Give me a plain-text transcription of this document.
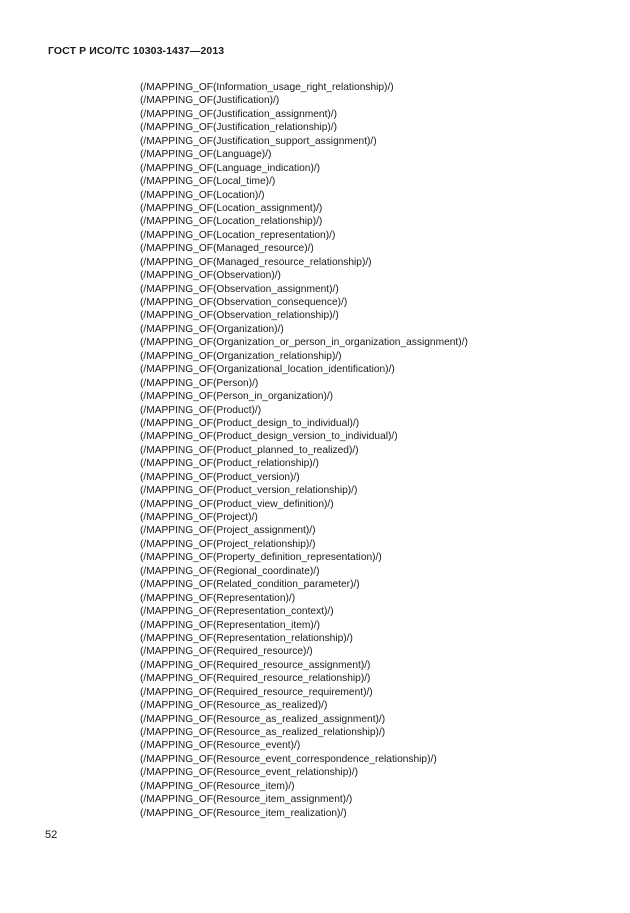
ГОСТ Р ИСО/ТС 10303-1437—2013
(/MAPPING_OF(Information_usage_right_relationship)/)
(/MAPPING_OF(Justification)/)
(/MAPPING_OF(Justification_assignment)/)
(/MAPPING_OF(Justification_relationship)/)
(/MAPPING_OF(Justification_support_assignment)/)
(/MAPPING_OF(Language)/)
(/MAPPING_OF(Language_indication)/)
(/MAPPING_OF(Local_time)/)
(/MAPPING_OF(Location)/)
(/MAPPING_OF(Location_assignment)/)
(/MAPPING_OF(Location_relationship)/)
(/MAPPING_OF(Location_representation)/)
(/MAPPING_OF(Managed_resource)/)
(/MAPPING_OF(Managed_resource_relationship)/)
(/MAPPING_OF(Observation)/)
(/MAPPING_OF(Observation_assignment)/)
(/MAPPING_OF(Observation_consequence)/)
(/MAPPING_OF(Observation_relationship)/)
(/MAPPING_OF(Organization)/)
(/MAPPING_OF(Organization_or_person_in_organization_assignment)/)
(/MAPPING_OF(Organization_relationship)/)
(/MAPPING_OF(Organizational_location_identification)/)
(/MAPPING_OF(Person)/)
(/MAPPING_OF(Person_in_organization)/)
(/MAPPING_OF(Product)/)
(/MAPPING_OF(Product_design_to_individual)/)
(/MAPPING_OF(Product_design_version_to_individual)/)
(/MAPPING_OF(Product_planned_to_realized)/)
(/MAPPING_OF(Product_relationship)/)
(/MAPPING_OF(Product_version)/)
(/MAPPING_OF(Product_version_relationship)/)
(/MAPPING_OF(Product_view_definition)/)
(/MAPPING_OF(Project)/)
(/MAPPING_OF(Project_assignment)/)
(/MAPPING_OF(Project_relationship)/)
(/MAPPING_OF(Property_definition_representation)/)
(/MAPPING_OF(Regional_coordinate)/)
(/MAPPING_OF(Related_condition_parameter)/)
(/MAPPING_OF(Representation)/)
(/MAPPING_OF(Representation_context)/)
(/MAPPING_OF(Representation_item)/)
(/MAPPING_OF(Representation_relationship)/)
(/MAPPING_OF(Required_resource)/)
(/MAPPING_OF(Required_resource_assignment)/)
(/MAPPING_OF(Required_resource_relationship)/)
(/MAPPING_OF(Required_resource_requirement)/)
(/MAPPING_OF(Resource_as_realized)/)
(/MAPPING_OF(Resource_as_realized_assignment)/)
(/MAPPING_OF(Resource_as_realized_relationship)/)
(/MAPPING_OF(Resource_event)/)
(/MAPPING_OF(Resource_event_correspondence_relationship)/)
(/MAPPING_OF(Resource_event_relationship)/)
(/MAPPING_OF(Resource_item)/)
(/MAPPING_OF(Resource_item_assignment)/)
(/MAPPING_OF(Resource_item_realization)/)
52
